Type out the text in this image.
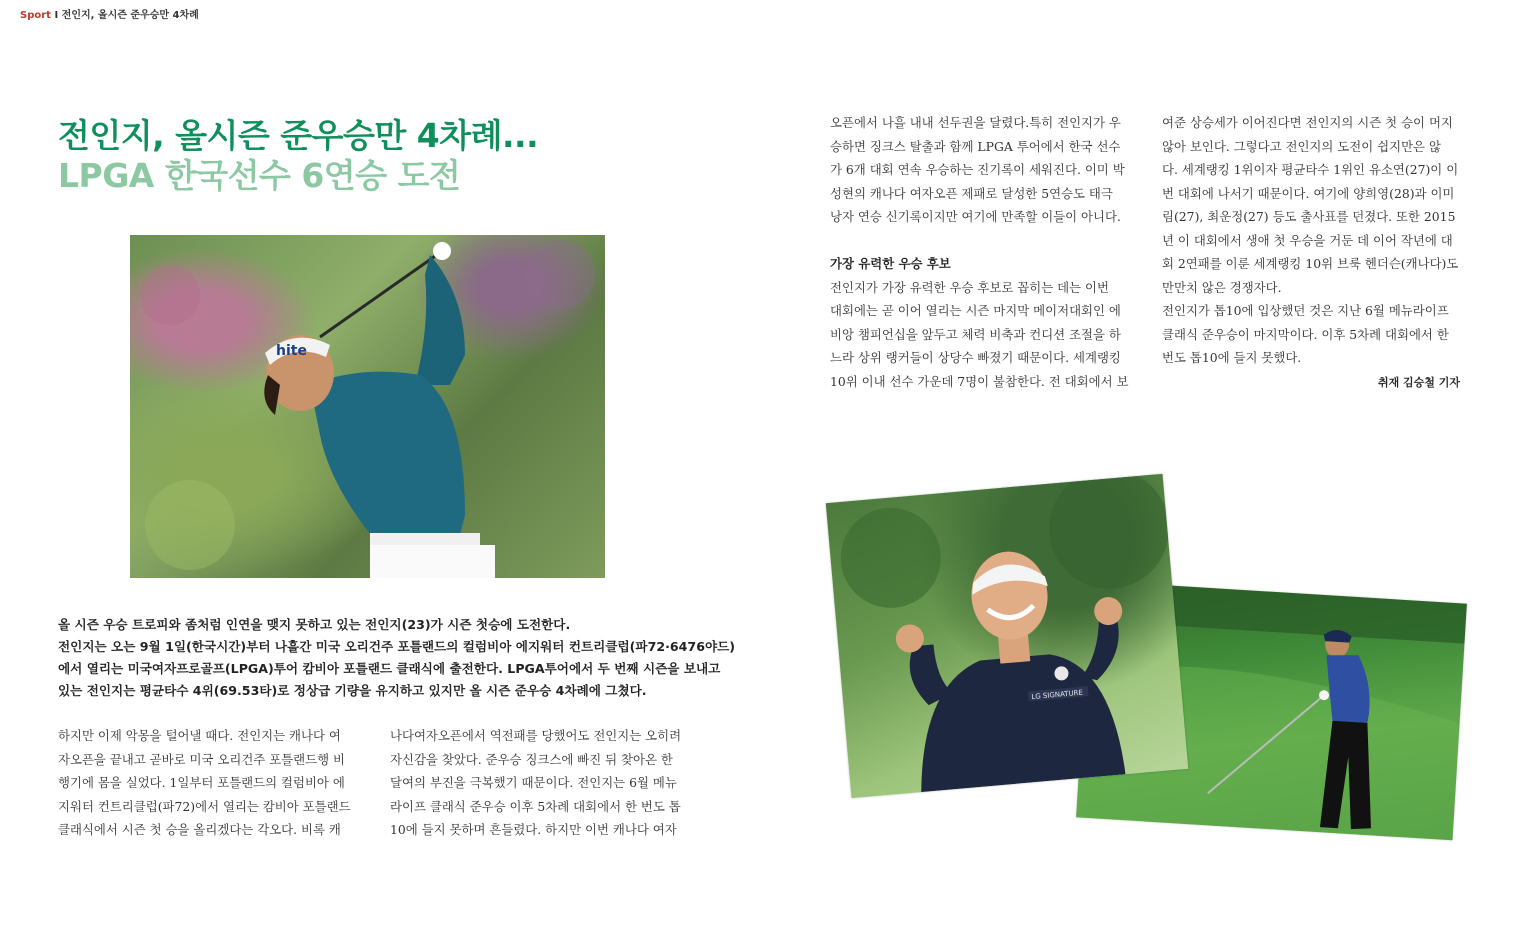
Sport I 전인지, 올시즌 준우승만 4차례
전인지, 올시즌 준우승만 4차례...
LPGA 한국선수 6연승 도전
hite

올 시즌 우승 트로피와 좀처럼 인연을 맺지 못하고 있는 전인지(23)가 시즌 첫승에 도전한다.

전인지는 오는 9월 1일(한국시간)부터 나흘간 미국 오리건주 포틀랜드의 컬럼비아 에지워터 컨트리클럽(파72·6476야드)

에서 열리는 미국여자프로골프(LPGA)투어 캄비아 포틀랜드 클래식에 출전한다. LPGA투어에서 두 번째 시즌을 보내고

있는 전인지는 평균타수 4위(69.53타)로 정상급 기량을 유지하고 있지만 올 시즌 준우승 4차례에 그쳤다.

하지만 이제 악몽을 털어낼 때다. 전인지는 캐나다 여

자오픈을 끝내고 곧바로 미국 오리건주 포틀랜드행 비

행기에 몸을 실었다. 1일부터 포틀랜드의 컬럼비아 에

지워터 컨트리클럽(파72)에서 열리는 캄비아 포틀랜드

클래식에서 시즌 첫 승을 올리겠다는 각오다. 비록 캐

나다여자오픈에서 역전패를 당했어도 전인지는 오히려

자신감을 찾았다. 준우승 징크스에 빠진 뒤 찾아온 한

달여의 부진을 극복했기 때문이다. 전인지는 6월 메뉴

라이프 클래식 준우승 이후 5차례 대회에서 한 번도 톱

10에 들지 못하며 흔들렸다. 하지만 이번 캐나다 여자

오픈에서 나흘 내내 선두권을 달렸다.특히 전인지가 우

승하면 징크스 탈출과 함께 LPGA 투어에서 한국 선수

가 6개 대회 연속 우승하는 진기록이 세워진다. 이미 박

성현의 캐나다 여자오픈 제패로 달성한 5연승도 태극

낭자 연승 신기록이지만 여기에 만족할 이들이 아니다.

가장 유력한 우승 후보

전인지가 가장 유력한 우승 후보로 꼽히는 데는 이번

대회에는 곧 이어 열리는 시즌 마지막 메이저대회인 에

비앙 챔피언십을 앞두고 체력 비축과 컨디션 조절을 하

느라 상위 랭커들이 상당수 빠졌기 때문이다. 세계랭킹

10위 이내 선수 가운데 7명이 불참한다. 전 대회에서 보

여준 상승세가 이어진다면 전인지의 시즌 첫 승이 머지

않아 보인다. 그렇다고 전인지의 도전이 쉽지만은 않

다. 세계랭킹 1위이자 평균타수 1위인 유소연(27)이 이

번 대회에 나서기 때문이다. 여기에 양희영(28)과 이미

림(27), 최운정(27) 등도 출사표를 던졌다. 또한 2015

년 이 대회에서 생애 첫 우승을 거둔 데 이어 작년에 대

회 2연패를 이룬 세계랭킹 10위 브룩 헨더슨(캐나다)도

만만치 않은 경쟁자다.

전인지가 톱10에 입상했던 것은 지난 6월 메뉴라이프

클래식 준우승이 마지막이다. 이후 5차례 대회에서 한

번도 톱10에 들지 못했다.

취재 김승철 기자
LG SIGNATURE
